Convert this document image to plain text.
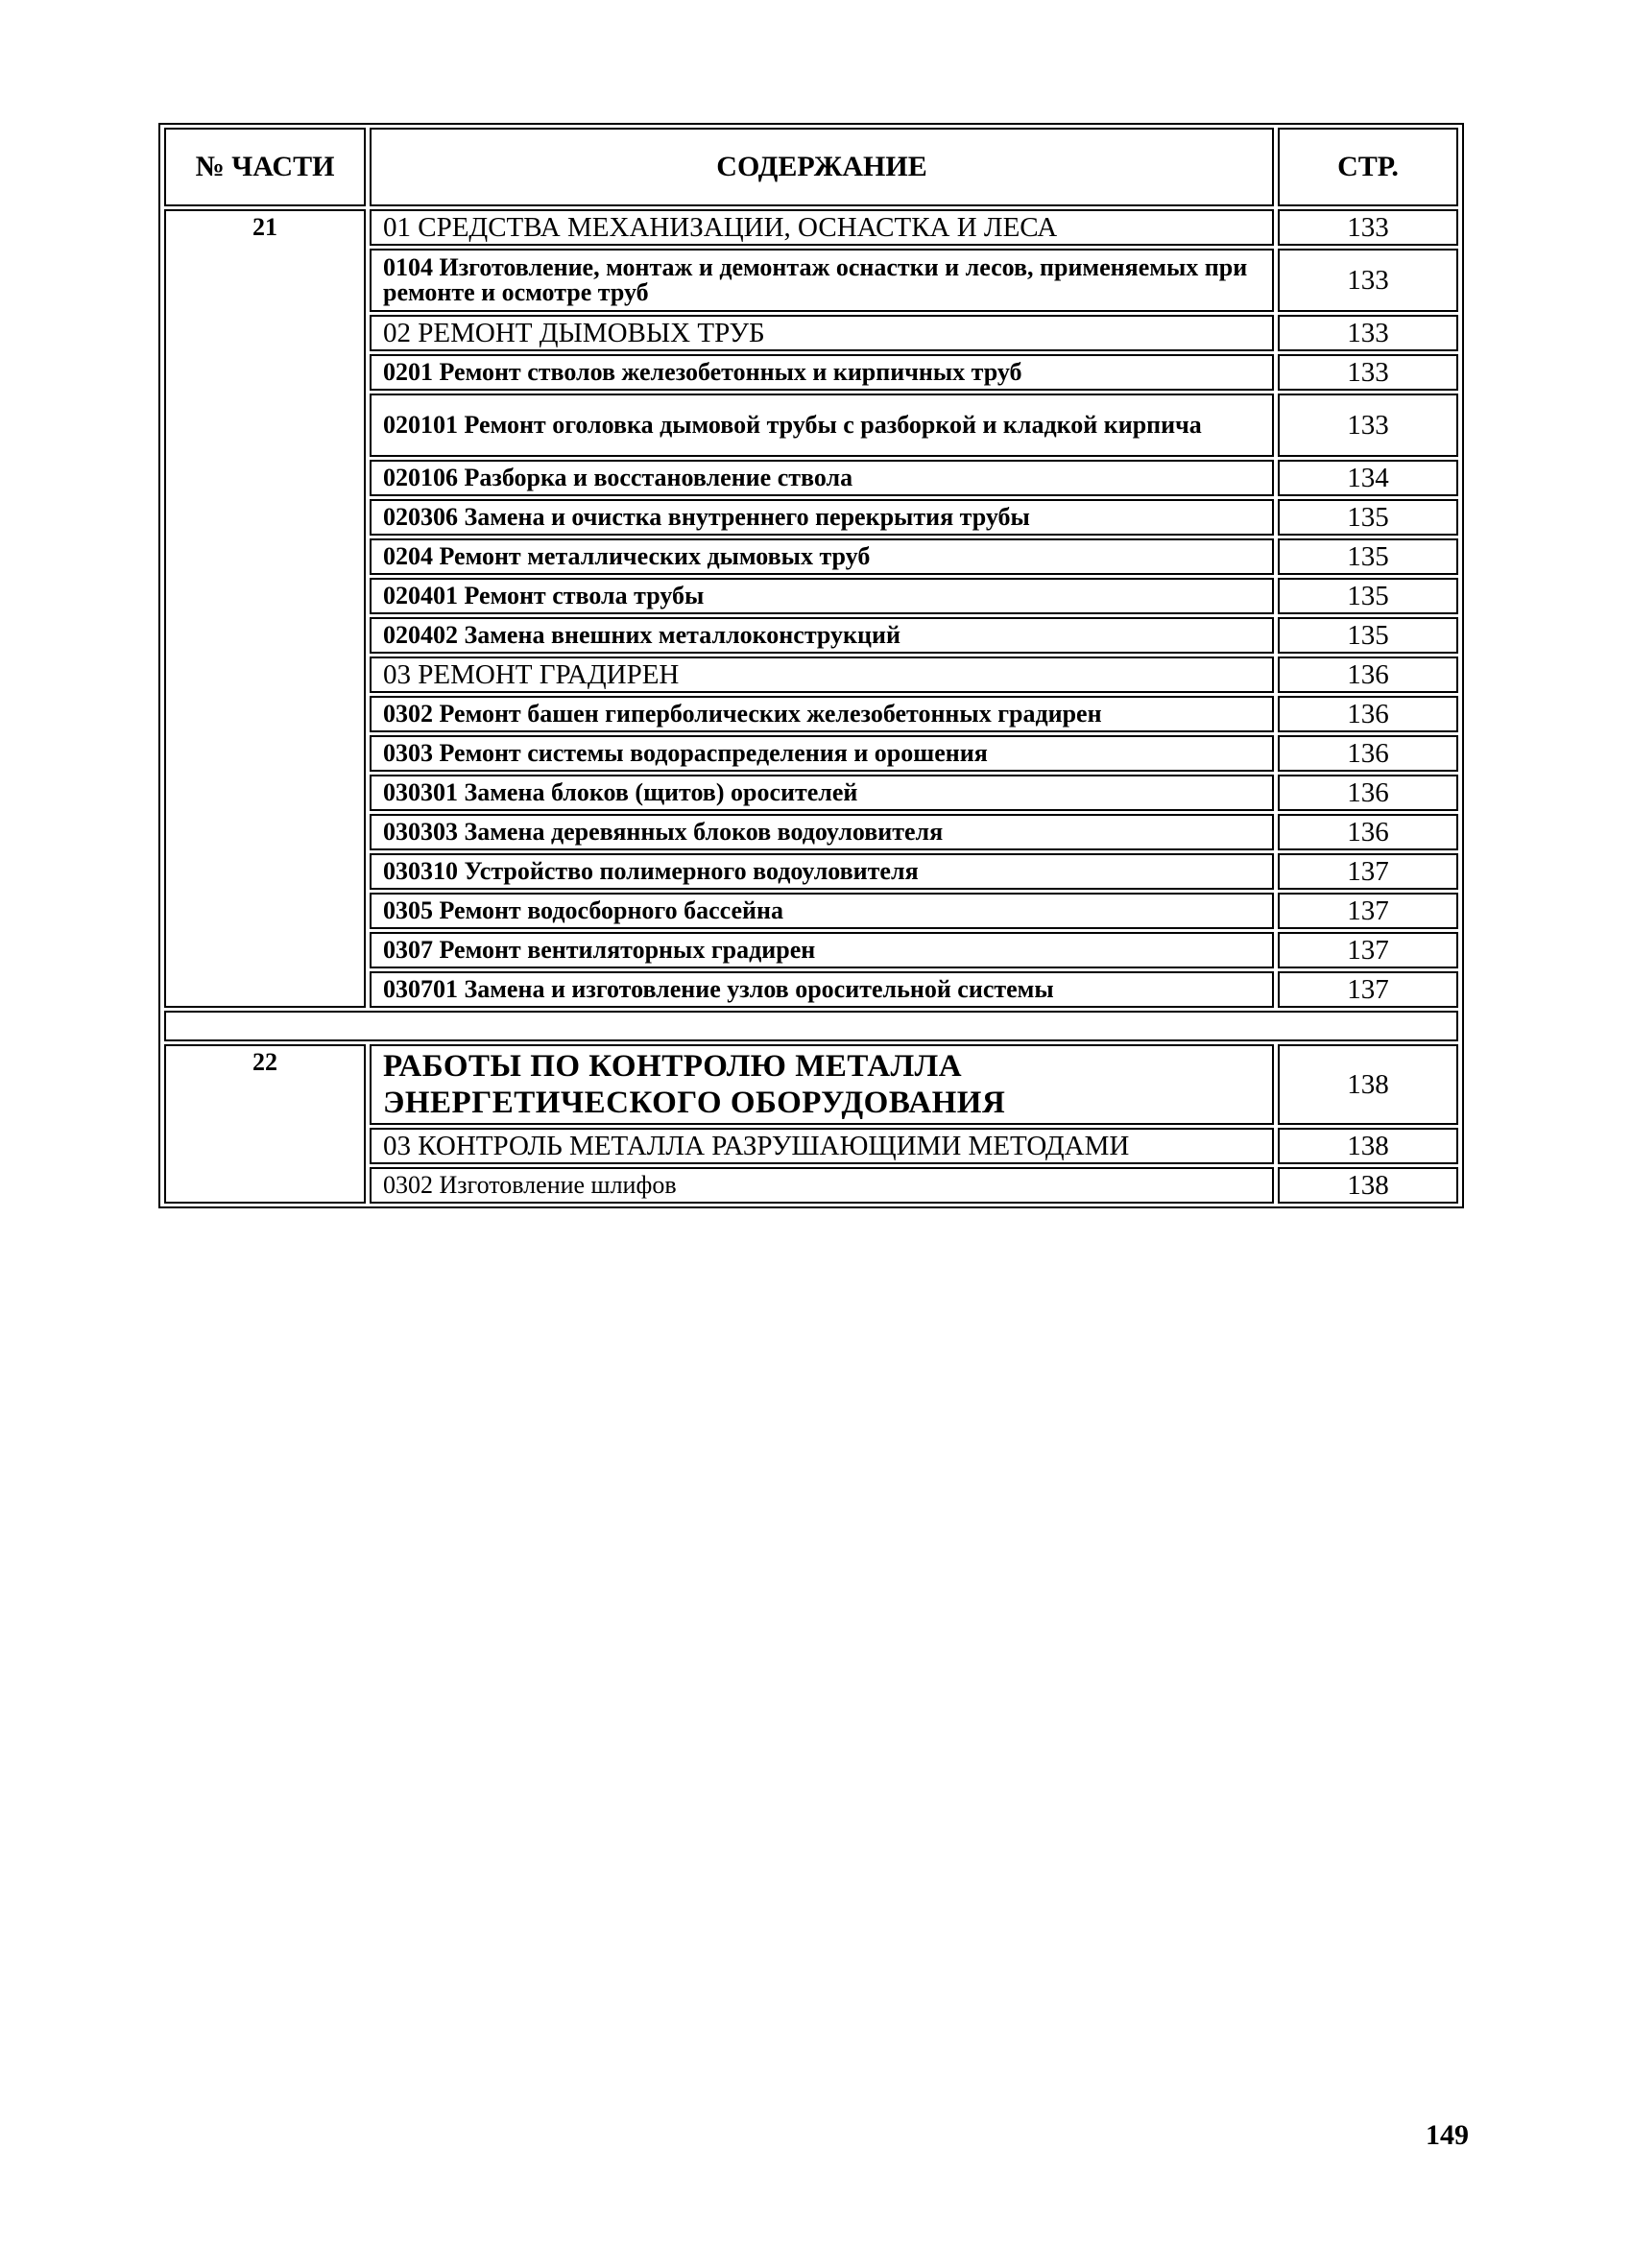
№ ЧАСТИ	СОДЕРЖАНИЕ	СТР.
21	01 СРЕДСТВА МЕХАНИЗАЦИИ, ОСНАСТКА И ЛЕСА	133
	0104 Изготовление, монтаж и демонтаж оснастки и лесов, применяемых при ремонте и осмотре труб	133
	02 РЕМОНТ ДЫМОВЫХ ТРУБ	133
	0201 Ремонт стволов железобетонных и кирпичных труб	133
	020101 Ремонт оголовка дымовой трубы с разборкой и кладкой кирпича	133
	020106 Разборка и восстановление ствола	134
	020306 Замена и очистка внутреннего перекрытия трубы	135
	0204 Ремонт металлических дымовых труб	135
	020401 Ремонт ствола трубы	135
	020402 Замена внешних металлоконструкций	135
	03 РЕМОНТ ГРАДИРЕН	136
	0302 Ремонт башен гиперболических железобетонных градирен	136
	0303 Ремонт системы водораспределения и орошения	136
	030301 Замена блоков (щитов) оросителей	136
	030303 Замена деревянных блоков водоуловителя	136
	030310 Устройство полимерного водоуловителя	137
	0305 Ремонт водосборного бассейна	137
	0307 Ремонт вентиляторных градирен	137
	030701 Замена и изготовление узлов оросительной системы	137

22	РАБОТЫ ПО КОНТРОЛЮ МЕТАЛЛА ЭНЕРГЕТИЧЕСКОГО ОБОРУДОВАНИЯ	138
	03 КОНТРОЛЬ МЕТАЛЛА РАЗРУШАЮЩИМИ МЕТОДАМИ	138
	0302 Изготовление шлифов	138
149
